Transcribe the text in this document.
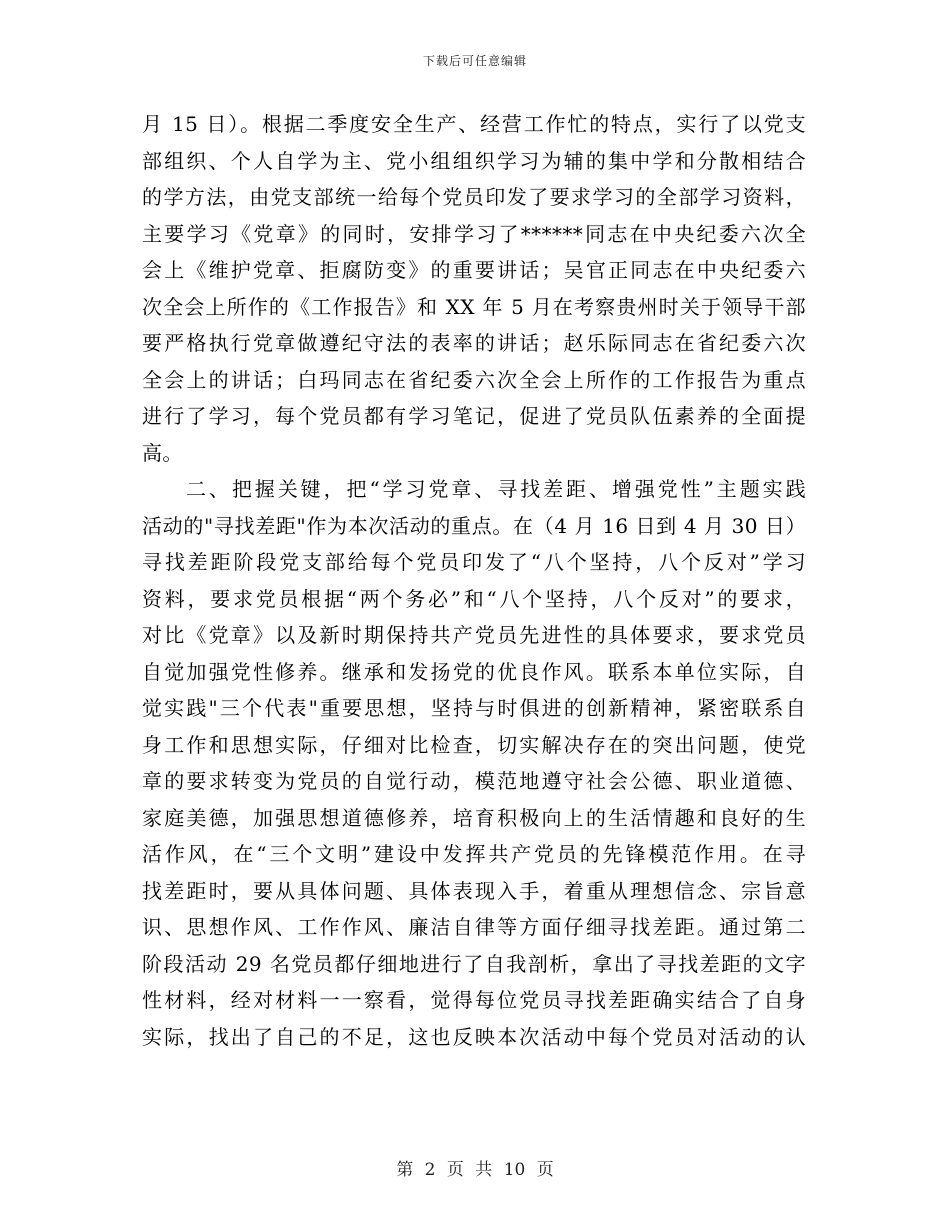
下载后可任意编辑
月 15 日）。根据二季度安全生产、经营工作忙的特点，实行了以党支
部组织、个人自学为主、党小组组织学习为辅的集中学和分散相结合
的学方法，由党支部统一给每个党员印发了要求学习的全部学习资料，
主要学习《党章》的同时，安排学习了******同志在中央纪委六次全
会上《维护党章、拒腐防变》的重要讲话；吴官正同志在中央纪委六
次全会上所作的《工作报告》和 XX 年 5 月在考察贵州时关于领导干部
要严格执行党章做遵纪守法的表率的讲话；赵乐际同志在省纪委六次
全会上的讲话；白玛同志在省纪委六次全会上所作的工作报告为重点
进行了学习，每个党员都有学习笔记，促进了党员队伍素养的全面提
高。
二、把握关键，把“学习党章、寻找差距、增强党性”主题实践
活动的"寻找差距"作为本次活动的重点。在（4 月 16 日到 4 月 30 日）
寻找差距阶段党支部给每个党员印发了“八个坚持，八个反对”学习
资料，要求党员根据“两个务必”和“八个坚持，八个反对”的要求，
对比《党章》以及新时期保持共产党员先进性的具体要求，要求党员
自觉加强党性修养。继承和发扬党的优良作风。联系本单位实际，自
觉实践"三个代表"重要思想，坚持与时俱进的创新精神，紧密联系自
身工作和思想实际，仔细对比检查，切实解决存在的突出问题，使党
章的要求转变为党员的自觉行动，模范地遵守社会公德、职业道德、
家庭美德，加强思想道德修养，培育积极向上的生活情趣和良好的生
活作风，在“三个文明”建设中发挥共产党员的先锋模范作用。在寻
找差距时，要从具体问题、具体表现入手，着重从理想信念、宗旨意
识、思想作风、工作作风、廉洁自律等方面仔细寻找差距。通过第二
阶段活动 29 名党员都仔细地进行了自我剖析，拿出了寻找差距的文字
性材料，经对材料一一察看，觉得每位党员寻找差距确实结合了自身
实际，找出了自己的不足，这也反映本次活动中每个党员对活动的认
第 2 页 共 10 页
